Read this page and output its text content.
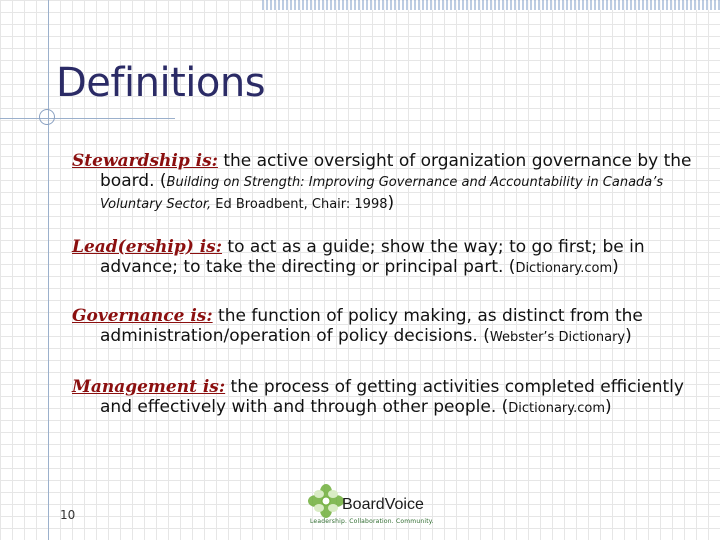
Definitions
Stewardship is: the active oversight of organization governance by the board. (Building on Strength: Improving Governance and Accountability in Canada’s Voluntary Sector, Ed Broadbent, Chair: 1998)
Lead(ership) is: to act as a guide; show the way; to go first; be in advance; to take the directing or principal part. (Dictionary.com)
Governance is: the function of policy making, as distinct from the administration/operation of policy decisions. (Webster’s Dictionary)
Management is: the process of getting activities completed efficiently and effectively with and through other people. (Dictionary.com)
10
BoardVoice
Leadership. Collaboration. Community.
